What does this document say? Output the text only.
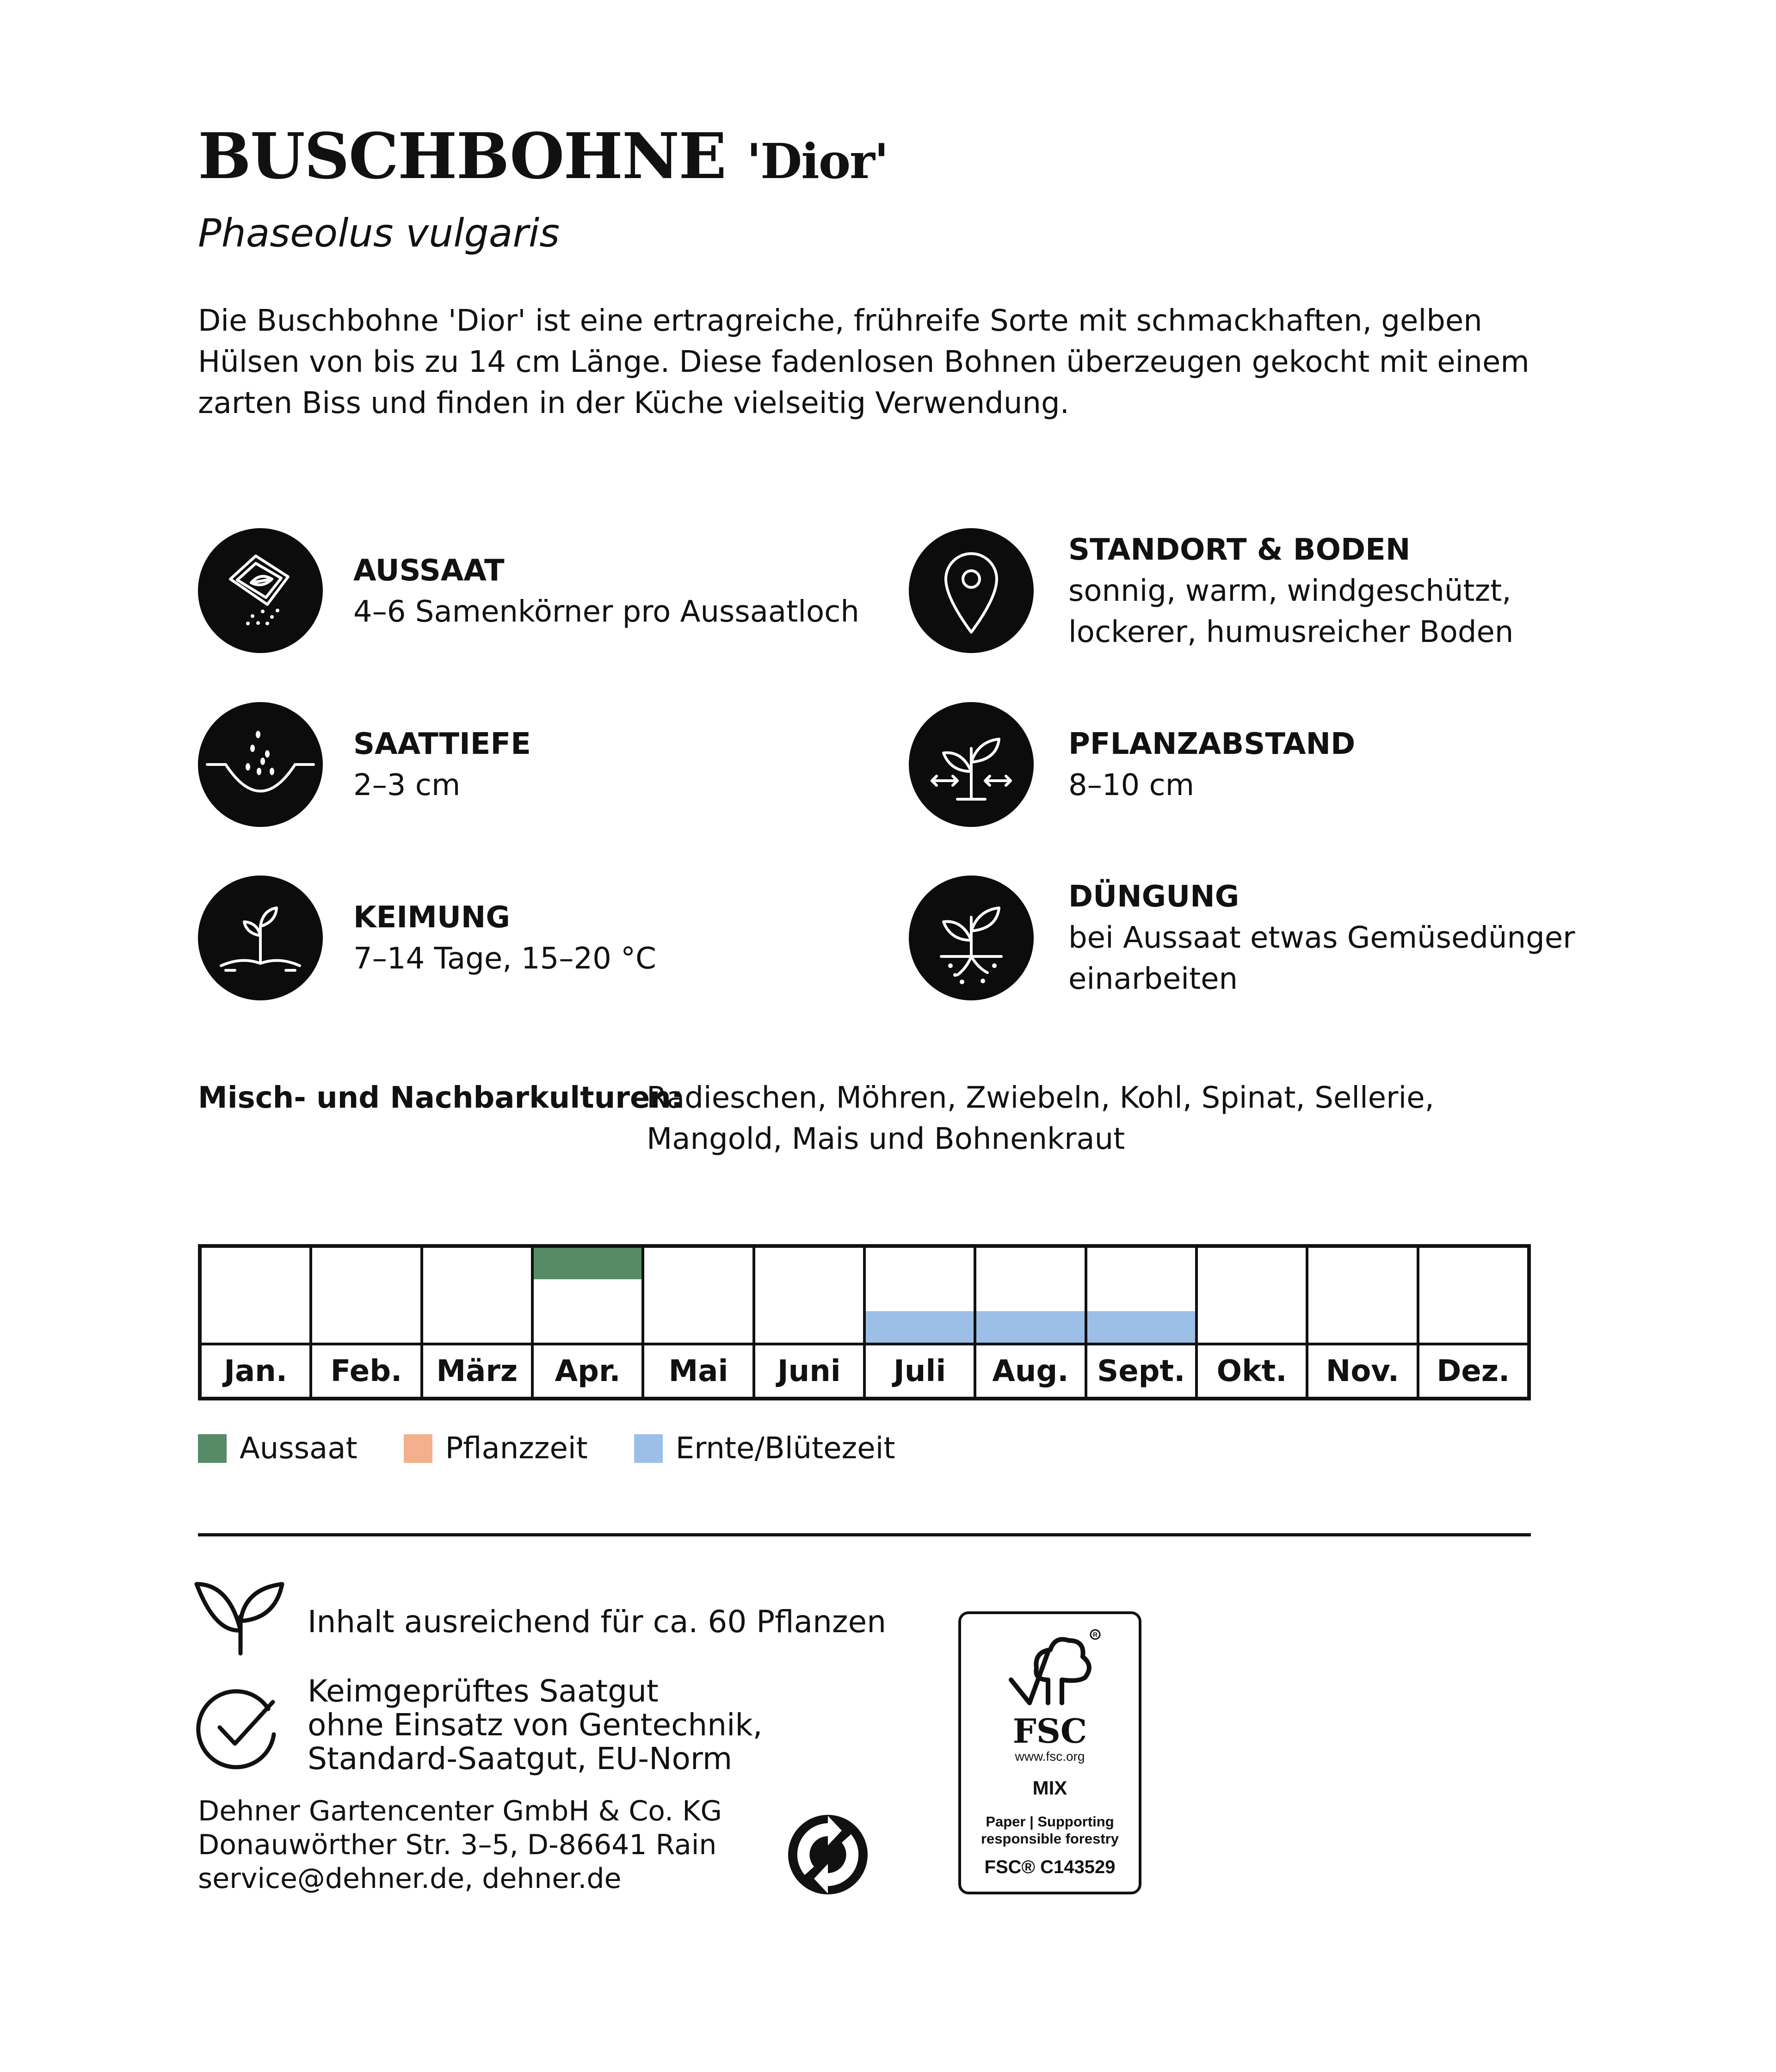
BUSCHBOHNE 'Dior'
Phaseolus vulgaris

Die Buschbohne 'Dior' ist eine ertragreiche, frühreife Sorte mit schmackhaften, gelben

Hülsen von bis zu 14 cm Länge. Diese fadenlosen Bohnen überzeugen gekocht mit einem

zarten Biss und finden in der Küche vielseitig Verwendung.

AUSSAAT
4–6 Samenkörner pro Aussaatloch
SAATTIEFE
2–3 cm
KEIMUNG
7–14 Tage, 15–20 °C
STANDORT & BODEN
sonnig, warm, windgeschützt,
lockerer, humusreicher Boden
PFLANZABSTAND
8–10 cm
DÜNGUNG
bei Aussaat etwas Gemüsedünger
einarbeiten
Misch- und Nachbarkulturen:
Radieschen, Möhren, Zwiebeln, Kohl, Spinat, Sellerie,
Mangold, Mais und Bohnenkraut
Jan.	Feb.	März	Apr.	Mai	Juni	Juli	Aug. Sept.	Okt.	Nov.	Dez.
Aussaat	Pflanzzeit	Ernte/Blütezeit
Inhalt ausreichend für ca. 60 Pflanzen
Keimgeprüftes Saatgut
ohne Einsatz von Gentechnik,
Standard-Saatgut, EU-Norm
Dehner Gartencenter GmbH & Co. KG
Donauwörther Str. 3–5, D-86641 Rain
service@dehner.de, dehner.de
R
FSC
www.fsc.org
MIX
Paper | Supporting
responsible forestry
FSC® C143529
